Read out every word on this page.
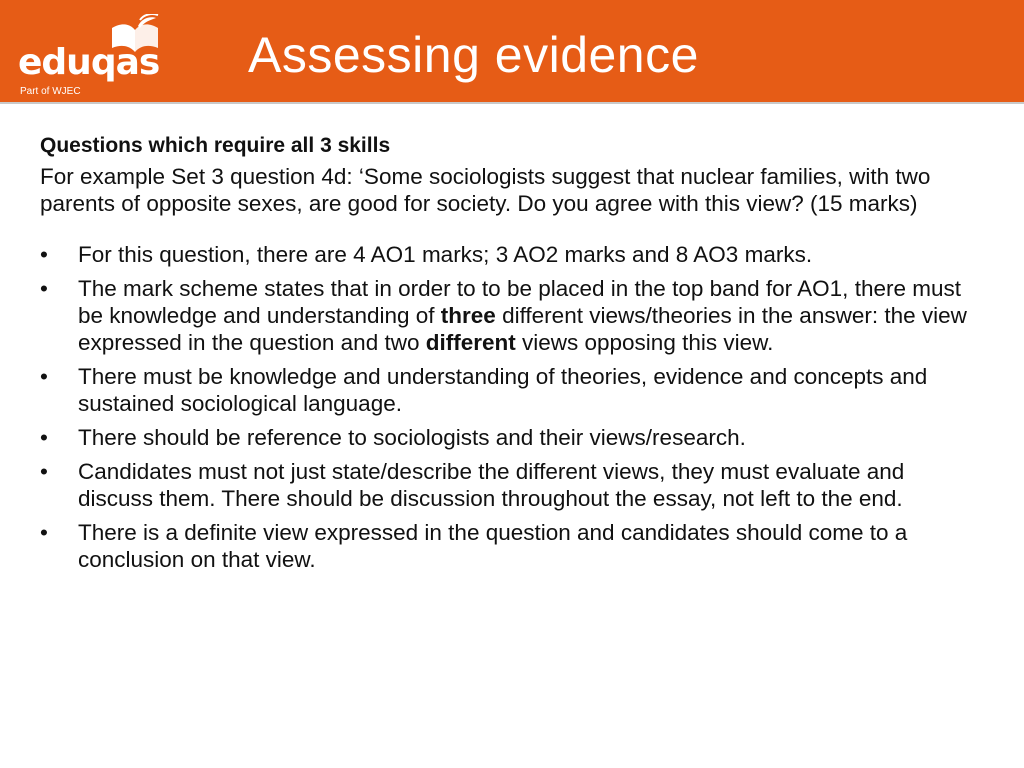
eduqas
Part of WJEC
Assessing evidence
Questions which require all 3 skills
For example Set 3 question 4d: ‘Some sociologists suggest that nuclear families, with two parents of opposite sexes, are good for society. Do you agree with this view? (15 marks)
•	For this question, there are 4 AO1 marks; 3 AO2 marks and 8 AO3 marks.
•	The mark scheme states that in order to to be placed in the top band for AO1, there must be knowledge and understanding of three different views/theories in the answer: the view expressed in the question and two different views opposing this view.
•	There must be knowledge and understanding of theories, evidence and concepts and sustained sociological language.
•	There should be reference to sociologists and their views/research.
•	Candidates must not just state/describe the different views, they must evaluate and discuss them. There should be discussion throughout the essay, not left to the end.
•	There is a definite view expressed in the question and candidates should come to a conclusion on that view.
